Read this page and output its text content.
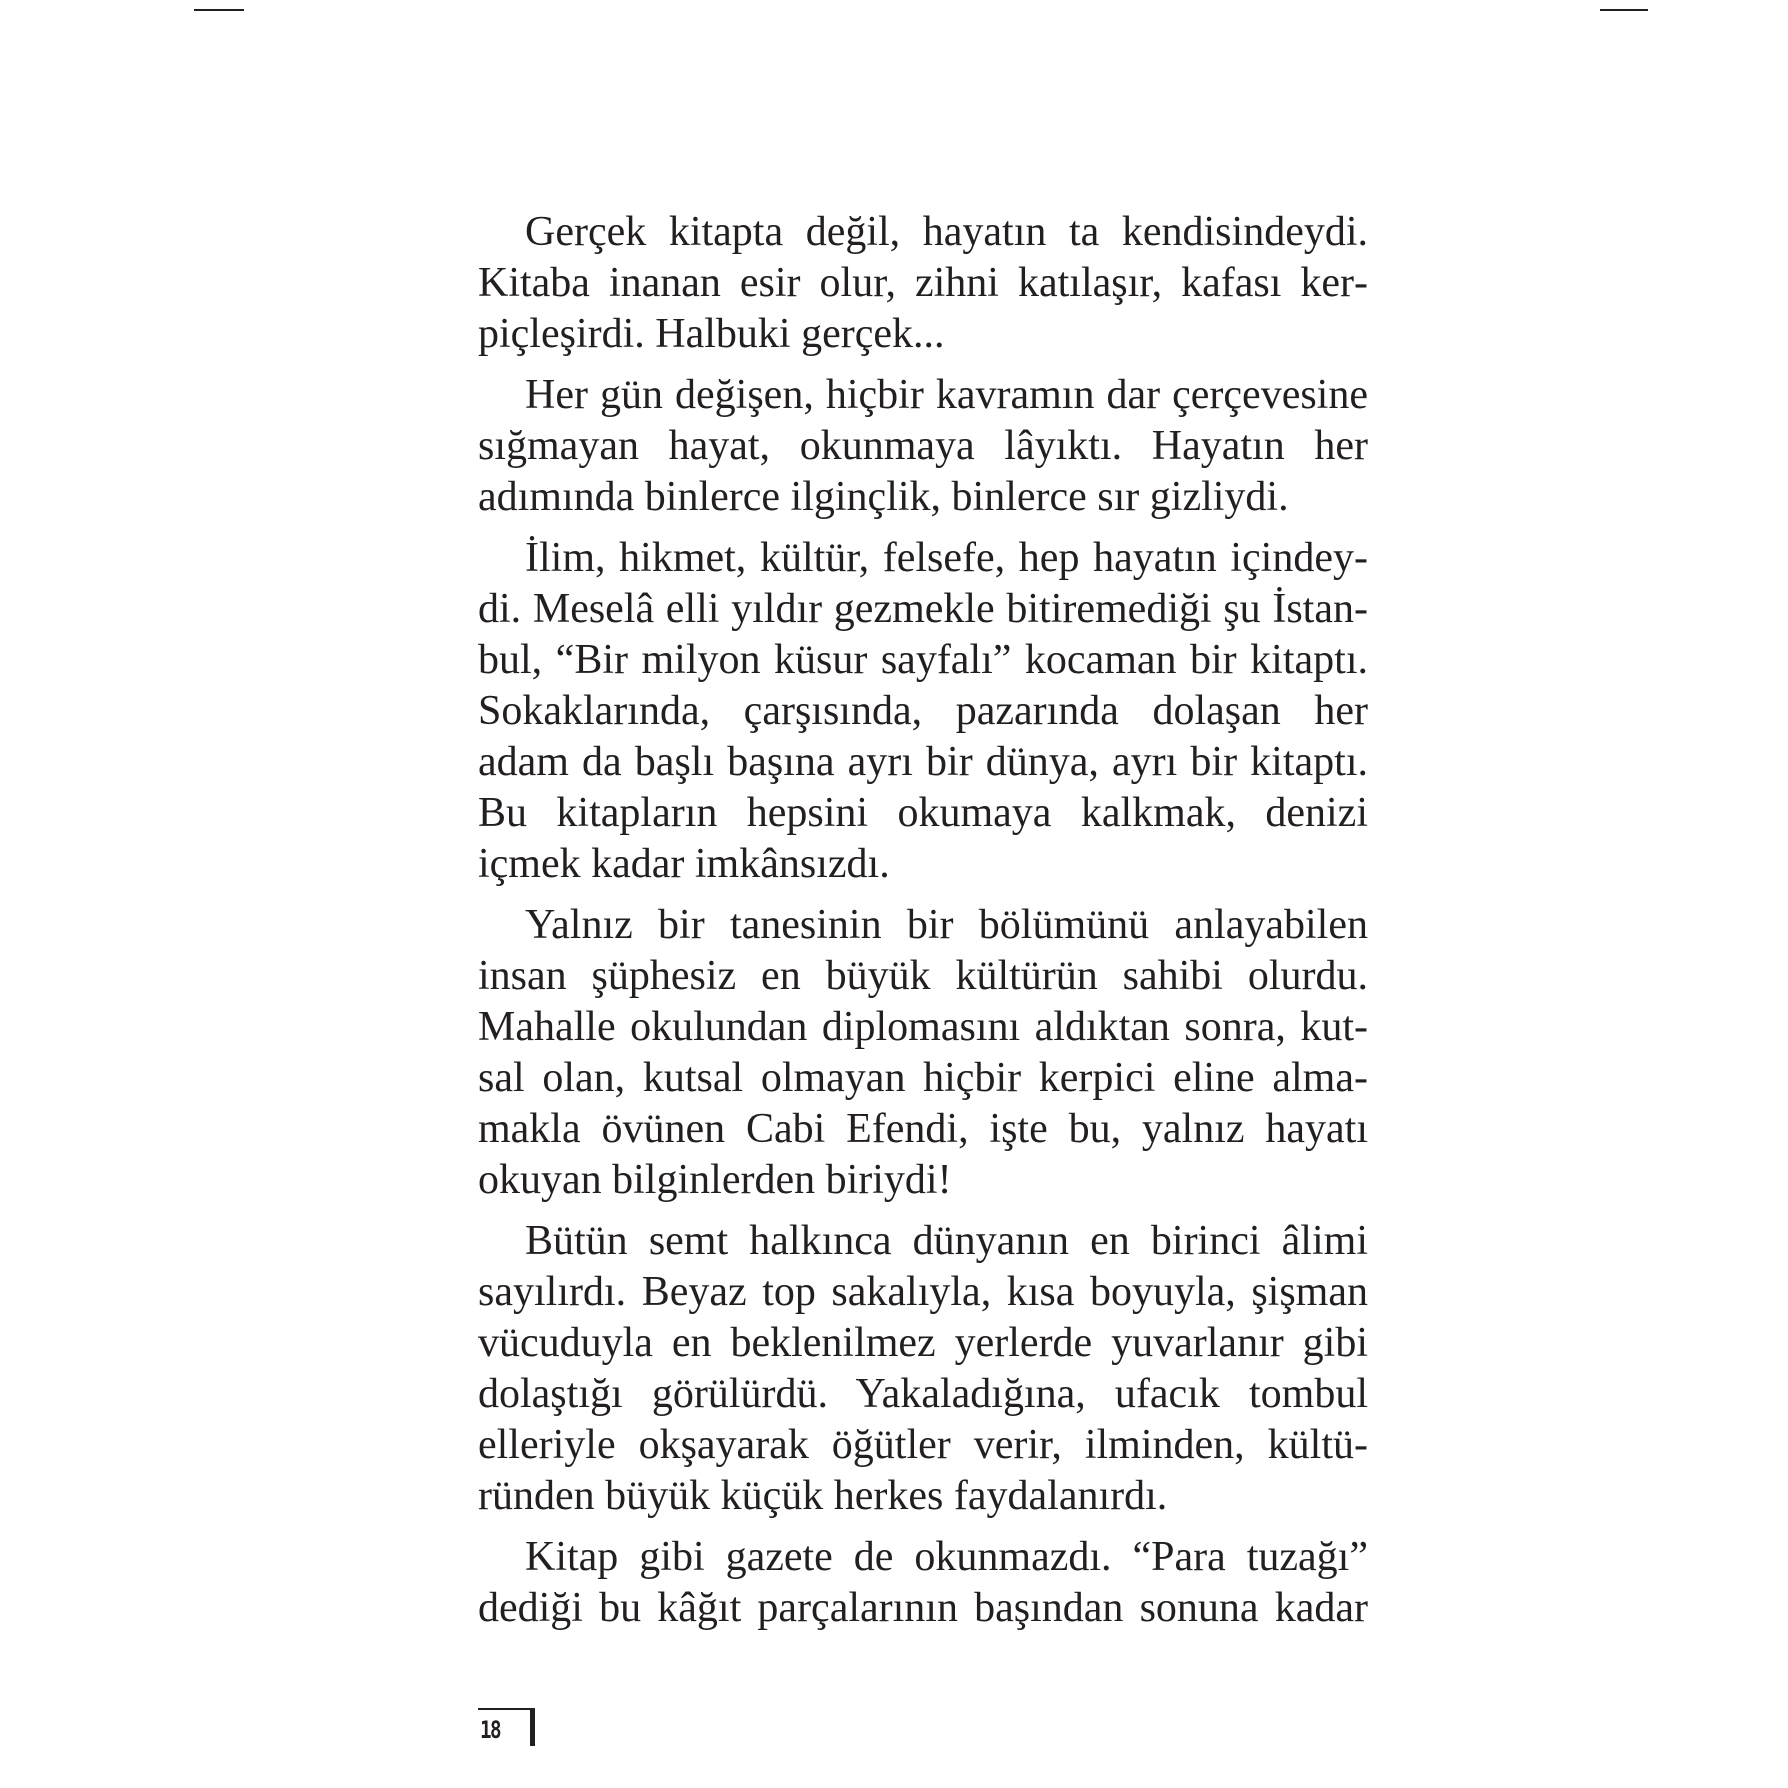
Gerçek kitapta değil, hayatın ta kendisindeydi. Kitaba inanan esir olur, zihni katılaşır, kafası kerpiçleşirdi. Halbuki gerçek...

Her gün değişen, hiçbir kavramın dar çerçevesine sığmayan hayat, okunmaya lâyıktı. Hayatın her adımında binlerce ilginçlik, binlerce sır gizliydi.

İlim, hikmet, kültür, felsefe, hep hayatın içindeydi. Meselâ elli yıldır gezmekle bitiremediği şu İstanbul, “Bir milyon küsur sayfalı” kocaman bir kitaptı. Sokaklarında, çarşısında, pazarında dolaşan her adam da başlı başına ayrı bir dünya, ayrı bir kitaptı. Bu kitapların hepsini okumaya kalkmak, denizi içmek kadar imkânsızdı.

Yalnız bir tanesinin bir bölümünü anlayabilen insan şüphesiz en büyük kültürün sahibi olurdu. Mahalle okulundan diplomasını aldıktan sonra, kutsal olan, kutsal olmayan hiçbir kerpici eline almamakla övünen Cabi Efendi, işte bu, yalnız hayatı okuyan bilginlerden biriydi!

Bütün semt halkınca dünyanın en birinci âlimi sayılırdı. Beyaz top sakalıyla, kısa boyuyla, şişman vücuduyla en beklenilmez yerlerde yuvarlanır gibi dolaştığı görülürdü. Yakaladığına, ufacık tombul elleriyle okşayarak öğütler verir, ilminden, kültüründen büyük küçük herkes faydalanırdı.

Kitap gibi gazete de okunmazdı. “Para tuzağı” dediği bu kâğıt parçalarının başından sonuna kadar

18
